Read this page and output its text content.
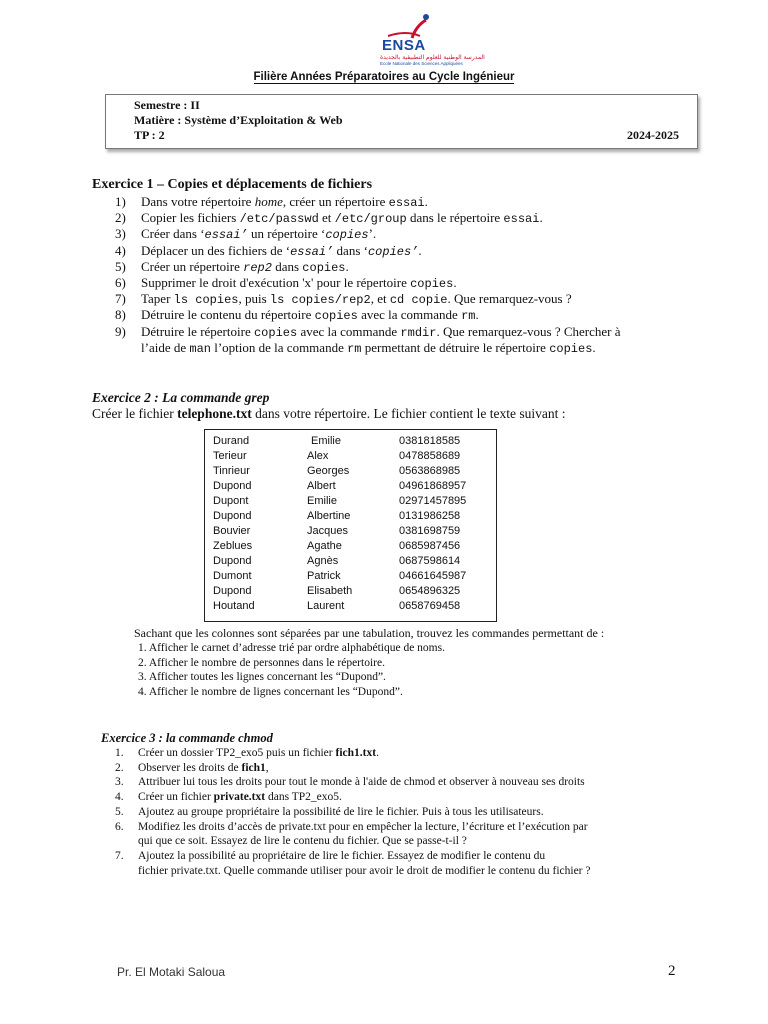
ENSA
المدرسة الوطنية للعلوم التطبيقية بالجديدة
Ecole Nationale des Sciences Appliquées
Filière Années Préparatoires au Cycle Ingénieur
Semestre : II
Matière : Système d’Exploitation & Web
TP : 2	2024-2025
Exercice 1 – Copies et déplacements de fichiers
1) Dans votre répertoire home, créer un répertoire essai.
2) Copier les fichiers /etc/passwd et /etc/group dans le répertoire essai.
3) Créer dans ‘essai’ un répertoire ‘copies’.
4) Déplacer un des fichiers de ‘essai’ dans ‘copies’.
5) Créer un répertoire rep2 dans copies.
6) Supprimer le droit d'exécution 'x' pour le répertoire copies.
7) Taper ls copies, puis ls copies/rep2, et cd copie. Que remarquez-vous ?
8) Détruire le contenu du répertoire copies avec la commande rm.
9) Détruire le répertoire copies avec la commande rmdir. Que remarquez-vous ? Chercher à
l’aide de man l’option de la commande rm permettant de détruire le répertoire copies.
Exercice 2 : La commande grep
Créer le fichier telephone.txt dans votre répertoire. Le fichier contient le texte suivant :
Durand	Emilie	0381818585
Terieur	Alex	0478858689
Tinrieur	Georges	0563868985
Dupond	Albert	04961868957
Dupont	Emilie	02971457895
Dupond	Albertine	0131986258
Bouvier	Jacques	0381698759
Zeblues	Agathe	0685987456
Dupond	Agnès	0687598614
Dumont	Patrick	04661645987
Dupond	Elisabeth	0654896325
Houtand	Laurent	0658769458
Sachant que les colonnes sont séparées par une tabulation, trouvez les commandes permettant de :
1. Afficher le carnet d’adresse trié par ordre alphabétique de noms.
2. Afficher le nombre de personnes dans le répertoire.
3. Afficher toutes les lignes concernant les “Dupond”.
4. Afficher le nombre de lignes concernant les “Dupond”.
Exercice 3 : la commande chmod
1. Créer un dossier TP2_exo5 puis un fichier fich1.txt.
2. Observer les droits de fich1,
3. Attribuer lui tous les droits pour tout le monde à l'aide de chmod et observer à nouveau ses droits
4. Créer un fichier private.txt dans TP2_exo5.
5. Ajoutez au groupe propriétaire la possibilité de lire le fichier. Puis à tous les utilisateurs.
6. Modifiez les droits d’accès de private.txt pour en empêcher la lecture, l’écriture et l’exécution par
qui que ce soit. Essayez de lire le contenu du fichier. Que se passe-t-il ?
7. Ajoutez la possibilité au propriétaire de lire le fichier. Essayez de modifier le contenu du
fichier private.txt. Quelle commande utiliser pour avoir le droit de modifier le contenu du fichier ?
Pr. El Motaki Saloua	2
